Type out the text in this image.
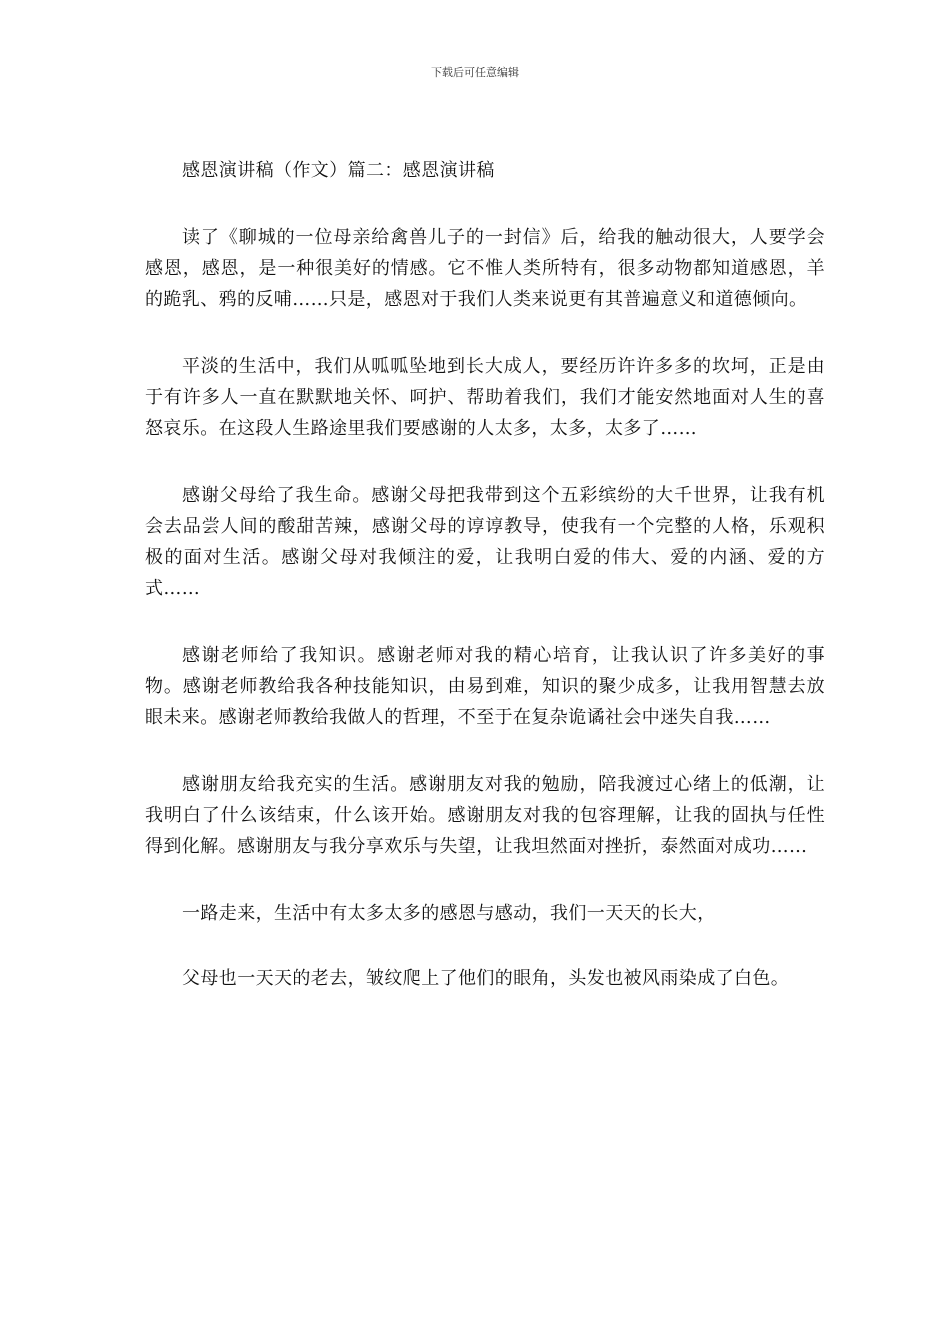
下载后可任意编辑

感恩演讲稿（作文）篇二：感恩演讲稿

读了《聊城的一位母亲给禽兽儿子的一封信》后，给我的触动很大，人要学会感恩，感恩，是一种很美好的情感。它不惟人类所特有，很多动物都知道感恩，羊的跪乳、鸦的反哺……只是，感恩对于我们人类来说更有其普遍意义和道德倾向。

平淡的生活中，我们从呱呱坠地到长大成人，要经历许许多多的坎坷，正是由于有许多人一直在默默地关怀、呵护、帮助着我们，我们才能安然地面对人生的喜怒哀乐。在这段人生路途里我们要感谢的人太多，太多，太多了……

感谢父母给了我生命。感谢父母把我带到这个五彩缤纷的大千世界，让我有机会去品尝人间的酸甜苦辣，感谢父母的谆谆教导，使我有一个完整的人格，乐观积极的面对生活。感谢父母对我倾注的爱，让我明白爱的伟大、爱的内涵、爱的方式……

感谢老师给了我知识。感谢老师对我的精心培育，让我认识了许多美好的事物。感谢老师教给我各种技能知识，由易到难，知识的聚少成多，让我用智慧去放眼未来。感谢老师教给我做人的哲理，不至于在复杂诡谲社会中迷失自我……

感谢朋友给我充实的生活。感谢朋友对我的勉励，陪我渡过心绪上的低潮，让我明白了什么该结束，什么该开始。感谢朋友对我的包容理解，让我的固执与任性得到化解。感谢朋友与我分享欢乐与失望，让我坦然面对挫折，泰然面对成功……

一路走来，生活中有太多太多的感恩与感动，我们一天天的长大，

父母也一天天的老去，皱纹爬上了他们的眼角，头发也被风雨染成了白色。
